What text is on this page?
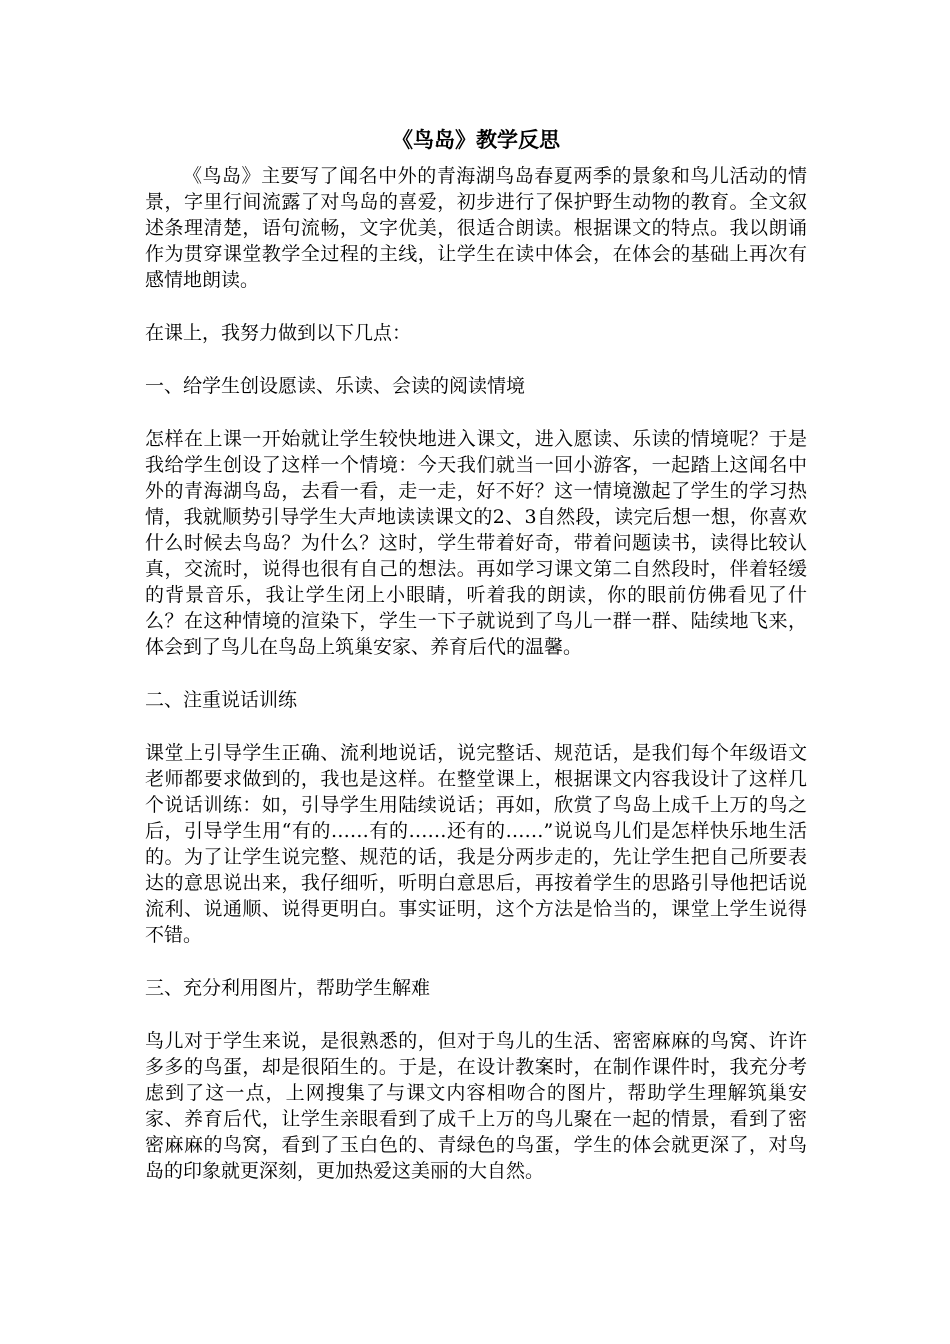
《鸟岛》教学反思

《鸟岛》主要写了闻名中外的青海湖鸟岛春夏两季的景象和鸟儿活动的情景，字里行间流露了对鸟岛的喜爱，初步进行了保护野生动物的教育。全文叙述条理清楚，语句流畅，文字优美，很适合朗读。根据课文的特点。我以朗诵作为贯穿课堂教学全过程的主线，让学生在读中体会，在体会的基础上再次有感情地朗读。

在课上，我努力做到以下几点：

一、给学生创设愿读、乐读、会读的阅读情境

怎样在上课一开始就让学生较快地进入课文，进入愿读、乐读的情境呢？于是我给学生创设了这样一个情境：今天我们就当一回小游客，一起踏上这闻名中外的青海湖鸟岛，去看一看，走一走，好不好？这一情境激起了学生的学习热情，我就顺势引导学生大声地读读课文的2、3自然段，读完后想一想，你喜欢什么时候去鸟岛？为什么？这时，学生带着好奇，带着问题读书，读得比较认真，交流时，说得也很有自己的想法。再如学习课文第二自然段时，伴着轻缓的背景音乐，我让学生闭上小眼睛，听着我的朗读，你的眼前仿佛看见了什么？在这种情境的渲染下，学生一下子就说到了鸟儿一群一群、陆续地飞来，体会到了鸟儿在鸟岛上筑巢安家、养育后代的温馨。

二、注重说话训练

课堂上引导学生正确、流利地说话，说完整话、规范话，是我们每个年级语文老师都要求做到的，我也是这样。在整堂课上，根据课文内容我设计了这样几个说话训练：如，引导学生用陆续说话；再如，欣赏了鸟岛上成千上万的鸟之后，引导学生用“有的……有的……还有的……”说说鸟儿们是怎样快乐地生活的。为了让学生说完整、规范的话，我是分两步走的，先让学生把自己所要表达的意思说出来，我仔细听，听明白意思后，再按着学生的思路引导他把话说流利、说通顺、说得更明白。事实证明，这个方法是恰当的，课堂上学生说得不错。

三、充分利用图片，帮助学生解难

鸟儿对于学生来说，是很熟悉的，但对于鸟儿的生活、密密麻麻的鸟窝、许许多多的鸟蛋，却是很陌生的。于是，在设计教案时，在制作课件时，我充分考虑到了这一点，上网搜集了与课文内容相吻合的图片，帮助学生理解筑巢安家、养育后代，让学生亲眼看到了成千上万的鸟儿聚在一起的情景，看到了密密麻麻的鸟窝，看到了玉白色的、青绿色的鸟蛋，学生的体会就更深了，对鸟岛的印象就更深刻，更加热爱这美丽的大自然。
